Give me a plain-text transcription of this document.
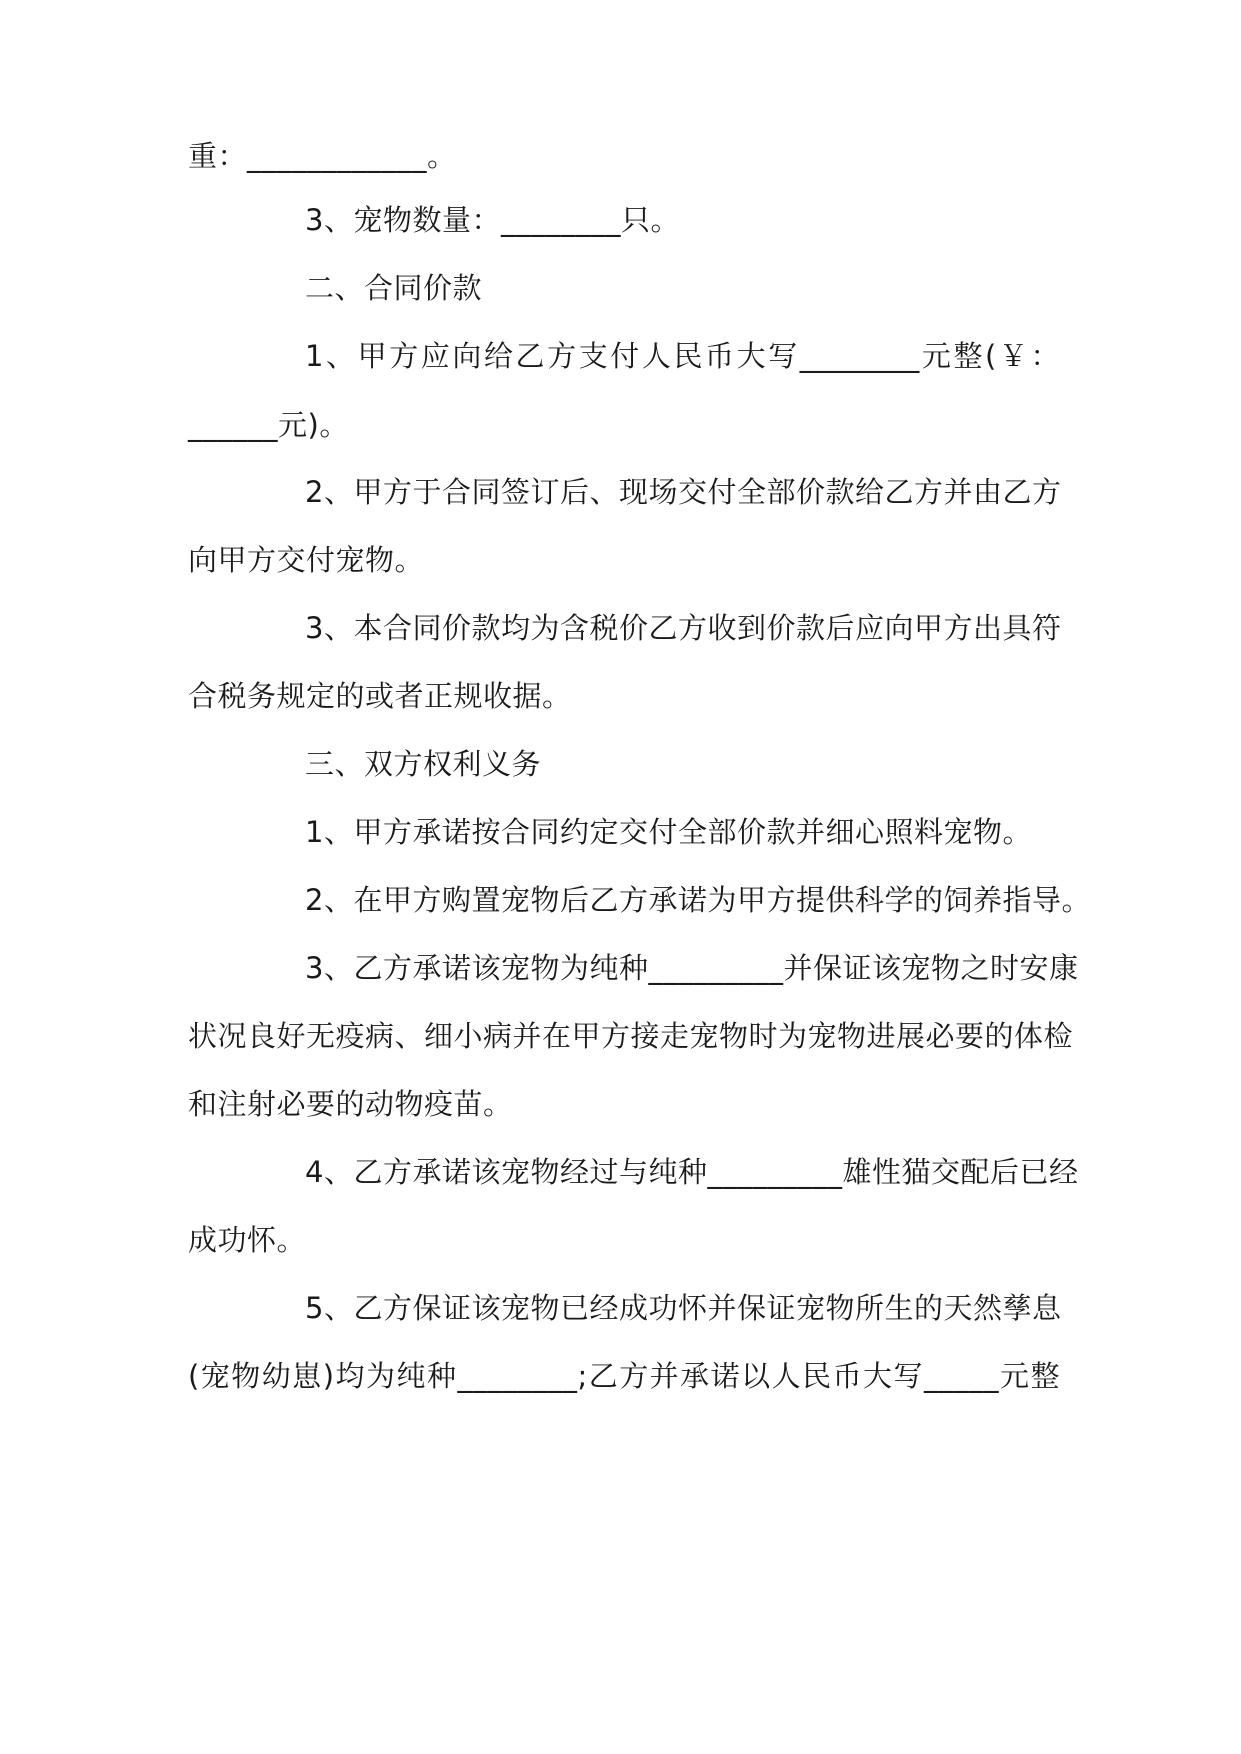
重：____________。
3、宠物数量：________只。
二、合同价款
1、甲方应向给乙方支付人民币大写________元整(￥：
______元)。
2、甲方于合同签订后、现场交付全部价款给乙方并由乙方
向甲方交付宠物。
3、本合同价款均为含税价乙方收到价款后应向甲方出具符
合税务规定的或者正规收据。
三、双方权利义务
1、甲方承诺按合同约定交付全部价款并细心照料宠物。
2、在甲方购置宠物后乙方承诺为甲方提供科学的饲养指导。
3、乙方承诺该宠物为纯种_________并保证该宠物之时安康
状况良好无疫病、细小病并在甲方接走宠物时为宠物进展必要的体检
和注射必要的动物疫苗。
4、乙方承诺该宠物经过与纯种_________雄性猫交配后已经
成功怀。
5、乙方保证该宠物已经成功怀并保证宠物所生的天然孳息
(宠物幼崽)均为纯种________;乙方并承诺以人民币大写_____元整
